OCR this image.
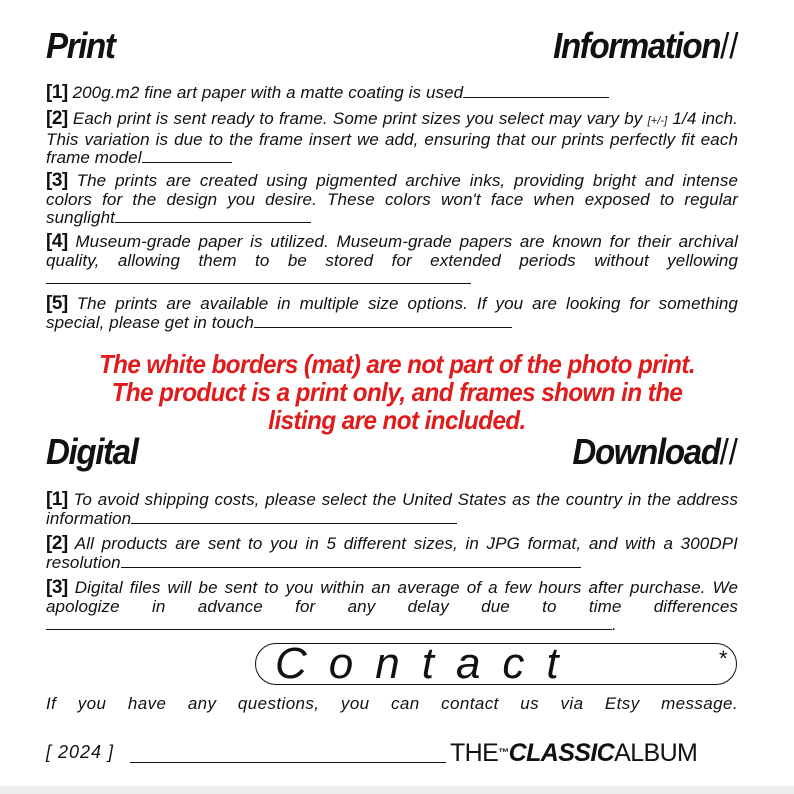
Print	Information//
[1] 200g.m2 fine art paper with a matte coating is used
[2] Each print is sent ready to frame. Some print sizes you select may vary by [+/-] 1/4 inch. This variation is due to the frame insert we add, ensuring that our prints perfectly fit each frame model
[3] The prints are created using pigmented archive inks, providing bright and intense colors for the design you desire. These colors won't face when exposed to regular sunglight
[4] Museum-grade paper is utilized. Museum-grade papers are known for their archival quality, allowing them to be stored for extended periods without yellowing
[5] The prints are available in multiple size options. If you are looking for something special, please get in touch
The white borders (mat) are not part of the photo print.
The product is a print only, and frames shown in the
listing are not included.
Digital	Download//
[1] To avoid shipping costs, please select the United States as the country in the address information
[2] All products are sent to you in 5 different sizes, in JPG format, and with a 300DPI resolution
[3] Digital files will be sent to you within an average of a few hours after purchase. We apologize in advance for any delay due to time differences.
Contact	*
If you have any questions, you can contact us via Etsy message.
[ 2024 ]	THE™CLASSICALBUM
